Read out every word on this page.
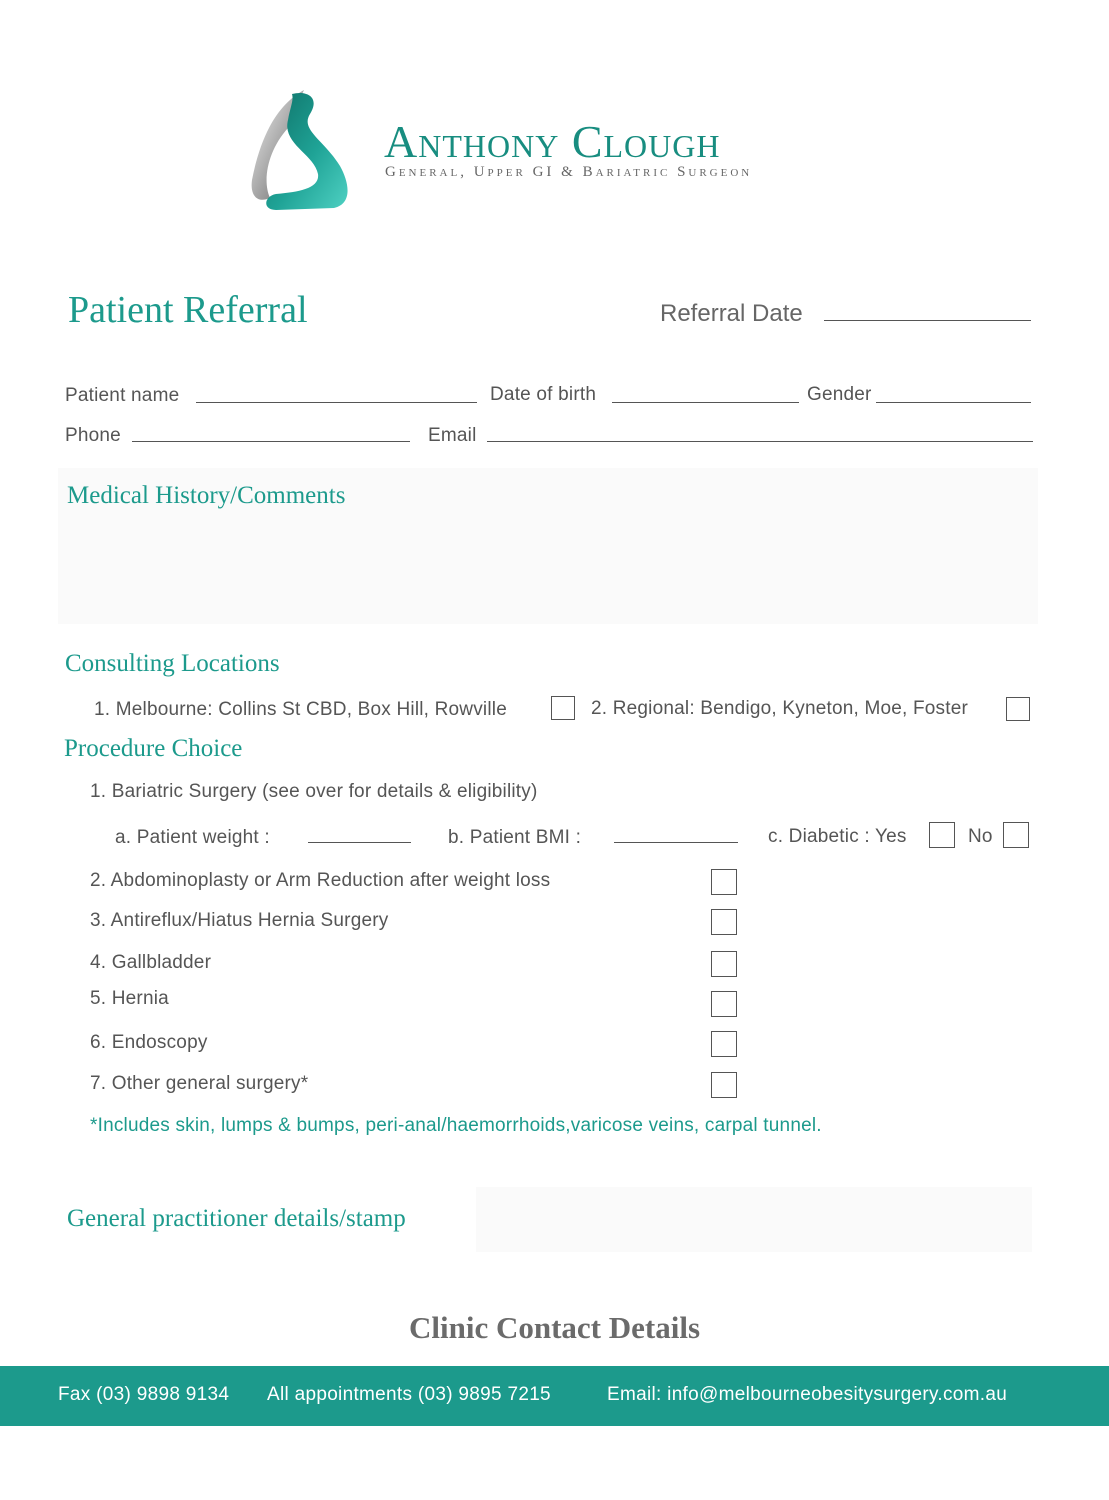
Anthony Clough
General, Upper GI & Bariatric Surgeon
Patient Referral	Referral Date
Patient name	Date of birth	Gender
Phone	Email
Medical History/Comments
Consulting Locations
1. Melbourne: Collins St CBD, Box Hill, Rowville	2. Regional: Bendigo, Kyneton, Moe, Foster
Procedure Choice
1. Bariatric Surgery (see over for details & eligibility)
a. Patient weight :	b. Patient BMI :	c. Diabetic : Yes	No
2. Abdominoplasty or Arm Reduction after weight loss
3. Antireflux/Hiatus Hernia Surgery
4. Gallbladder
5. Hernia
6. Endoscopy
7. Other general surgery*
*Includes skin, lumps & bumps, peri-anal/haemorrhoids,varicose veins, carpal tunnel.
General practitioner details/stamp
Clinic Contact Details
Fax (03) 9898 9134 All appointments (03) 9895 7215	Email: info@melbourneobesitysurgery.com.au
